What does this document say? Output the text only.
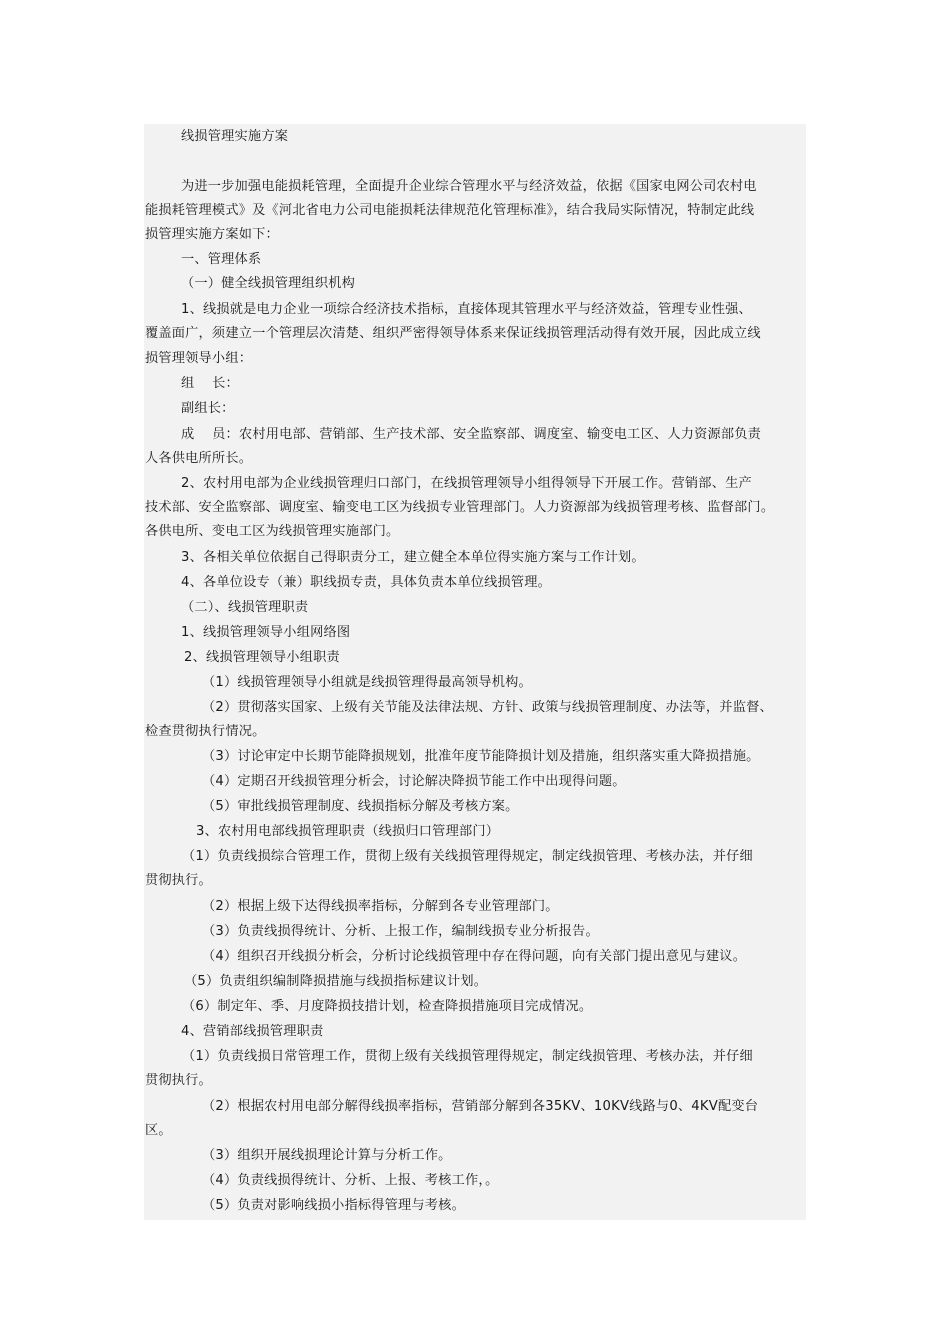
线损管理实施方案
为进一步加强电能损耗管理，全面提升企业综合管理水平与经济效益，依据《国家电网公司农村电
能损耗管理模式》及《河北省电力公司电能损耗法律规范化管理标准》，结合我局实际情况，特制定此线
损管理实施方案如下：
一、管理体系
（一）健全线损管理组织机构
1、线损就是电力企业一项综合经济技术指标，直接体现其管理水平与经济效益，管理专业性强、
覆盖面广，须建立一个管理层次清楚、组织严密得领导体系来保证线损管理活动得有效开展，因此成立线
损管理领导小组：
组　 长：
副组长：
成　 员：农村用电部、营销部、生产技术部、安全监察部、调度室、输变电工区、人力资源部负责
人各供电所所长。
2、农村用电部为企业线损管理归口部门，在线损管理领导小组得领导下开展工作。营销部、生产
技术部、安全监察部、调度室、输变电工区为线损专业管理部门。人力资源部为线损管理考核、监督部门。
各供电所、变电工区为线损管理实施部门。
3、各相关单位依据自己得职责分工，建立健全本单位得实施方案与工作计划。
4、各单位设专（兼）职线损专责，具体负责本单位线损管理。
（二）、线损管理职责
1、线损管理领导小组网络图
2、线损管理领导小组职责
（1）线损管理领导小组就是线损管理得最高领导机构。
（2）贯彻落实国家、上级有关节能及法律法规、方针、政策与线损管理制度、办法等，并监督、
检查贯彻执行情况。
（3）讨论审定中长期节能降损规划，批准年度节能降损计划及措施，组织落实重大降损措施。
（4）定期召开线损管理分析会，讨论解决降损节能工作中出现得问题。
（5）审批线损管理制度、线损指标分解及考核方案。
3、农村用电部线损管理职责（线损归口管理部门）
（1）负责线损综合管理工作，贯彻上级有关线损管理得规定，制定线损管理、考核办法，并仔细
贯彻执行。
（2）根据上级下达得线损率指标，分解到各专业管理部门。
（3）负责线损得统计、分析、上报工作，编制线损专业分析报告。
（4）组织召开线损分析会，分析讨论线损管理中存在得问题，向有关部门提出意见与建议。
（5）负责组织编制降损措施与线损指标建议计划。
（6）制定年、季、月度降损技措计划，检查降损措施项目完成情况。
4、营销部线损管理职责
（1）负责线损日常管理工作，贯彻上级有关线损管理得规定，制定线损管理、考核办法，并仔细
贯彻执行。
（2）根据农村用电部分解得线损率指标，营销部分解到各35KV、10KV线路与0、4KV配变台
区。
（3）组织开展线损理论计算与分析工作。
（4）负责线损得统计、分析、上报、考核工作，。
（5）负责对影响线损小指标得管理与考核。
